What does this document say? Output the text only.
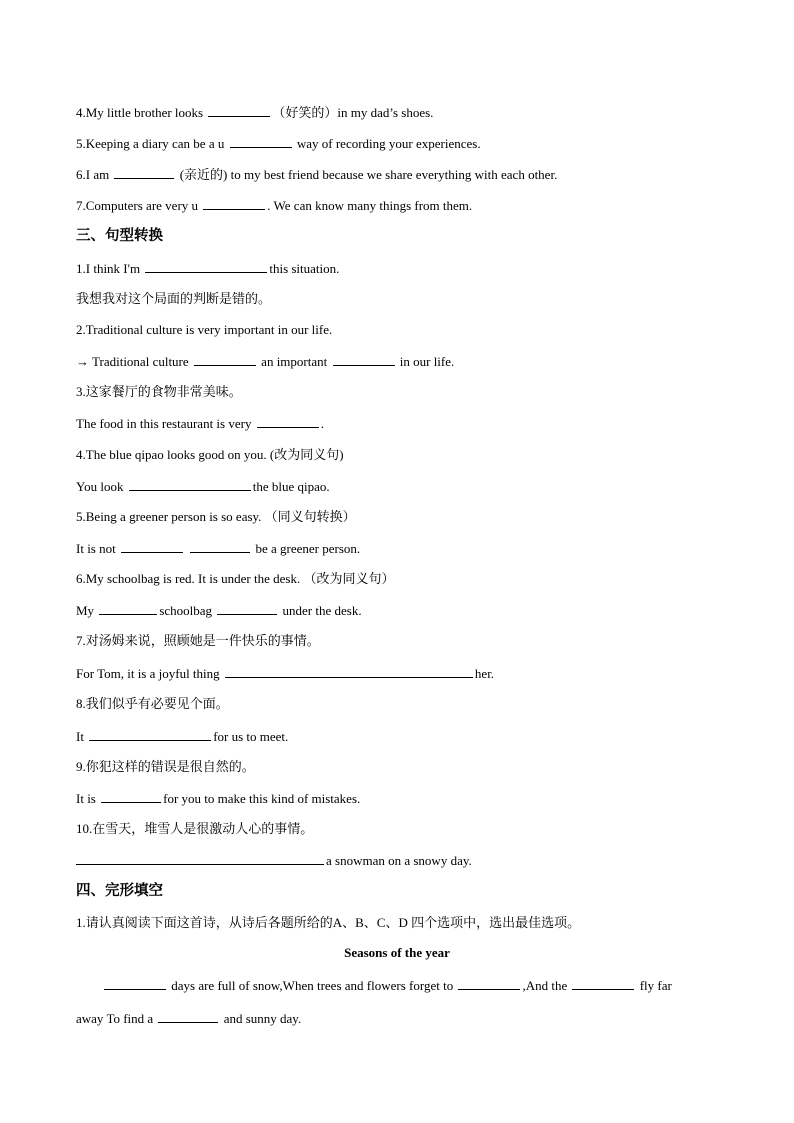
4.My little brother looks	（好笑的）in my dad’s shoes.
5.Keeping a diary can be a u	way of recording your experiences.
6.I am	(亲近的) to my best friend because we share everything with each other.
7.Computers are very u	. We can know many things from them.
三、句型转换
1.I think I'm	this situation.
我想我对这个局面的判断是错的。
2.Traditional culture is very important in our life.
→ Traditional culture	an important	in our life.
3.这家餐厅的食物非常美味。
The food in this restaurant is very	.
4.The blue qipao looks good on you. (改为同义句)
You look	the blue qipao.
5.Being a greener person is so easy. （同义句转换）
It is not	be a greener person.
6.My schoolbag is red. It is under the desk. （改为同义句）
My	schoolbag	under the desk.
7.对汤姆来说，照顾她是一件快乐的事情。
For Tom, it is a joyful thing	her.
8.我们似乎有必要见个面。
It	for us to meet.
9.你犯这样的错误是很自然的。
It is	for you to make this kind of mistakes.
10.在雪天，堆雪人是很激动人心的事情。
a snowman on a snowy day.
四、完形填空
1.请认真阅读下面这首诗，从诗后各题所给的A、B、C、D 四个选项中，选出最佳选项。
Seasons of the year
days are full of snow,When trees and flowers forget to	,And the	fly far
away To find a	and sunny day.
